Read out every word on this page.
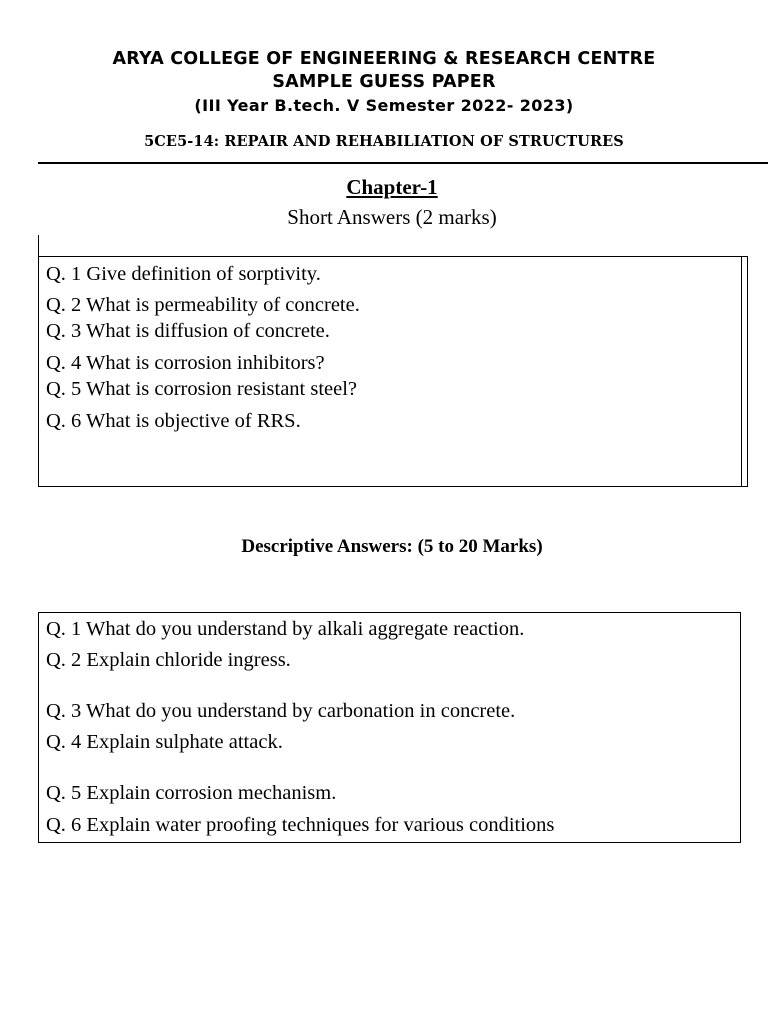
ARYA COLLEGE OF ENGINEERING & RESEARCH CENTRE
SAMPLE GUESS PAPER
(III Year B.tech. V Semester 2022- 2023)
5CE5-14: REPAIR AND REHABILIATION OF STRUCTURES
Chapter-1
Short Answers (2 marks)
Q. 1 Give definition of sorptivity.
Q. 2 What is permeability of concrete.
Q. 3 What is diffusion of concrete.
Q. 4 What is corrosion inhibitors?
Q. 5 What is corrosion resistant steel?
Q. 6 What is objective of RRS.
Descriptive Answers: (5 to 20 Marks)
Q. 1 What do you understand by alkali aggregate reaction.
Q. 2 Explain chloride ingress.
Q. 3 What do you understand by carbonation in concrete.
Q. 4 Explain sulphate attack.
Q. 5 Explain corrosion mechanism.
Q. 6 Explain water proofing techniques for various conditions
